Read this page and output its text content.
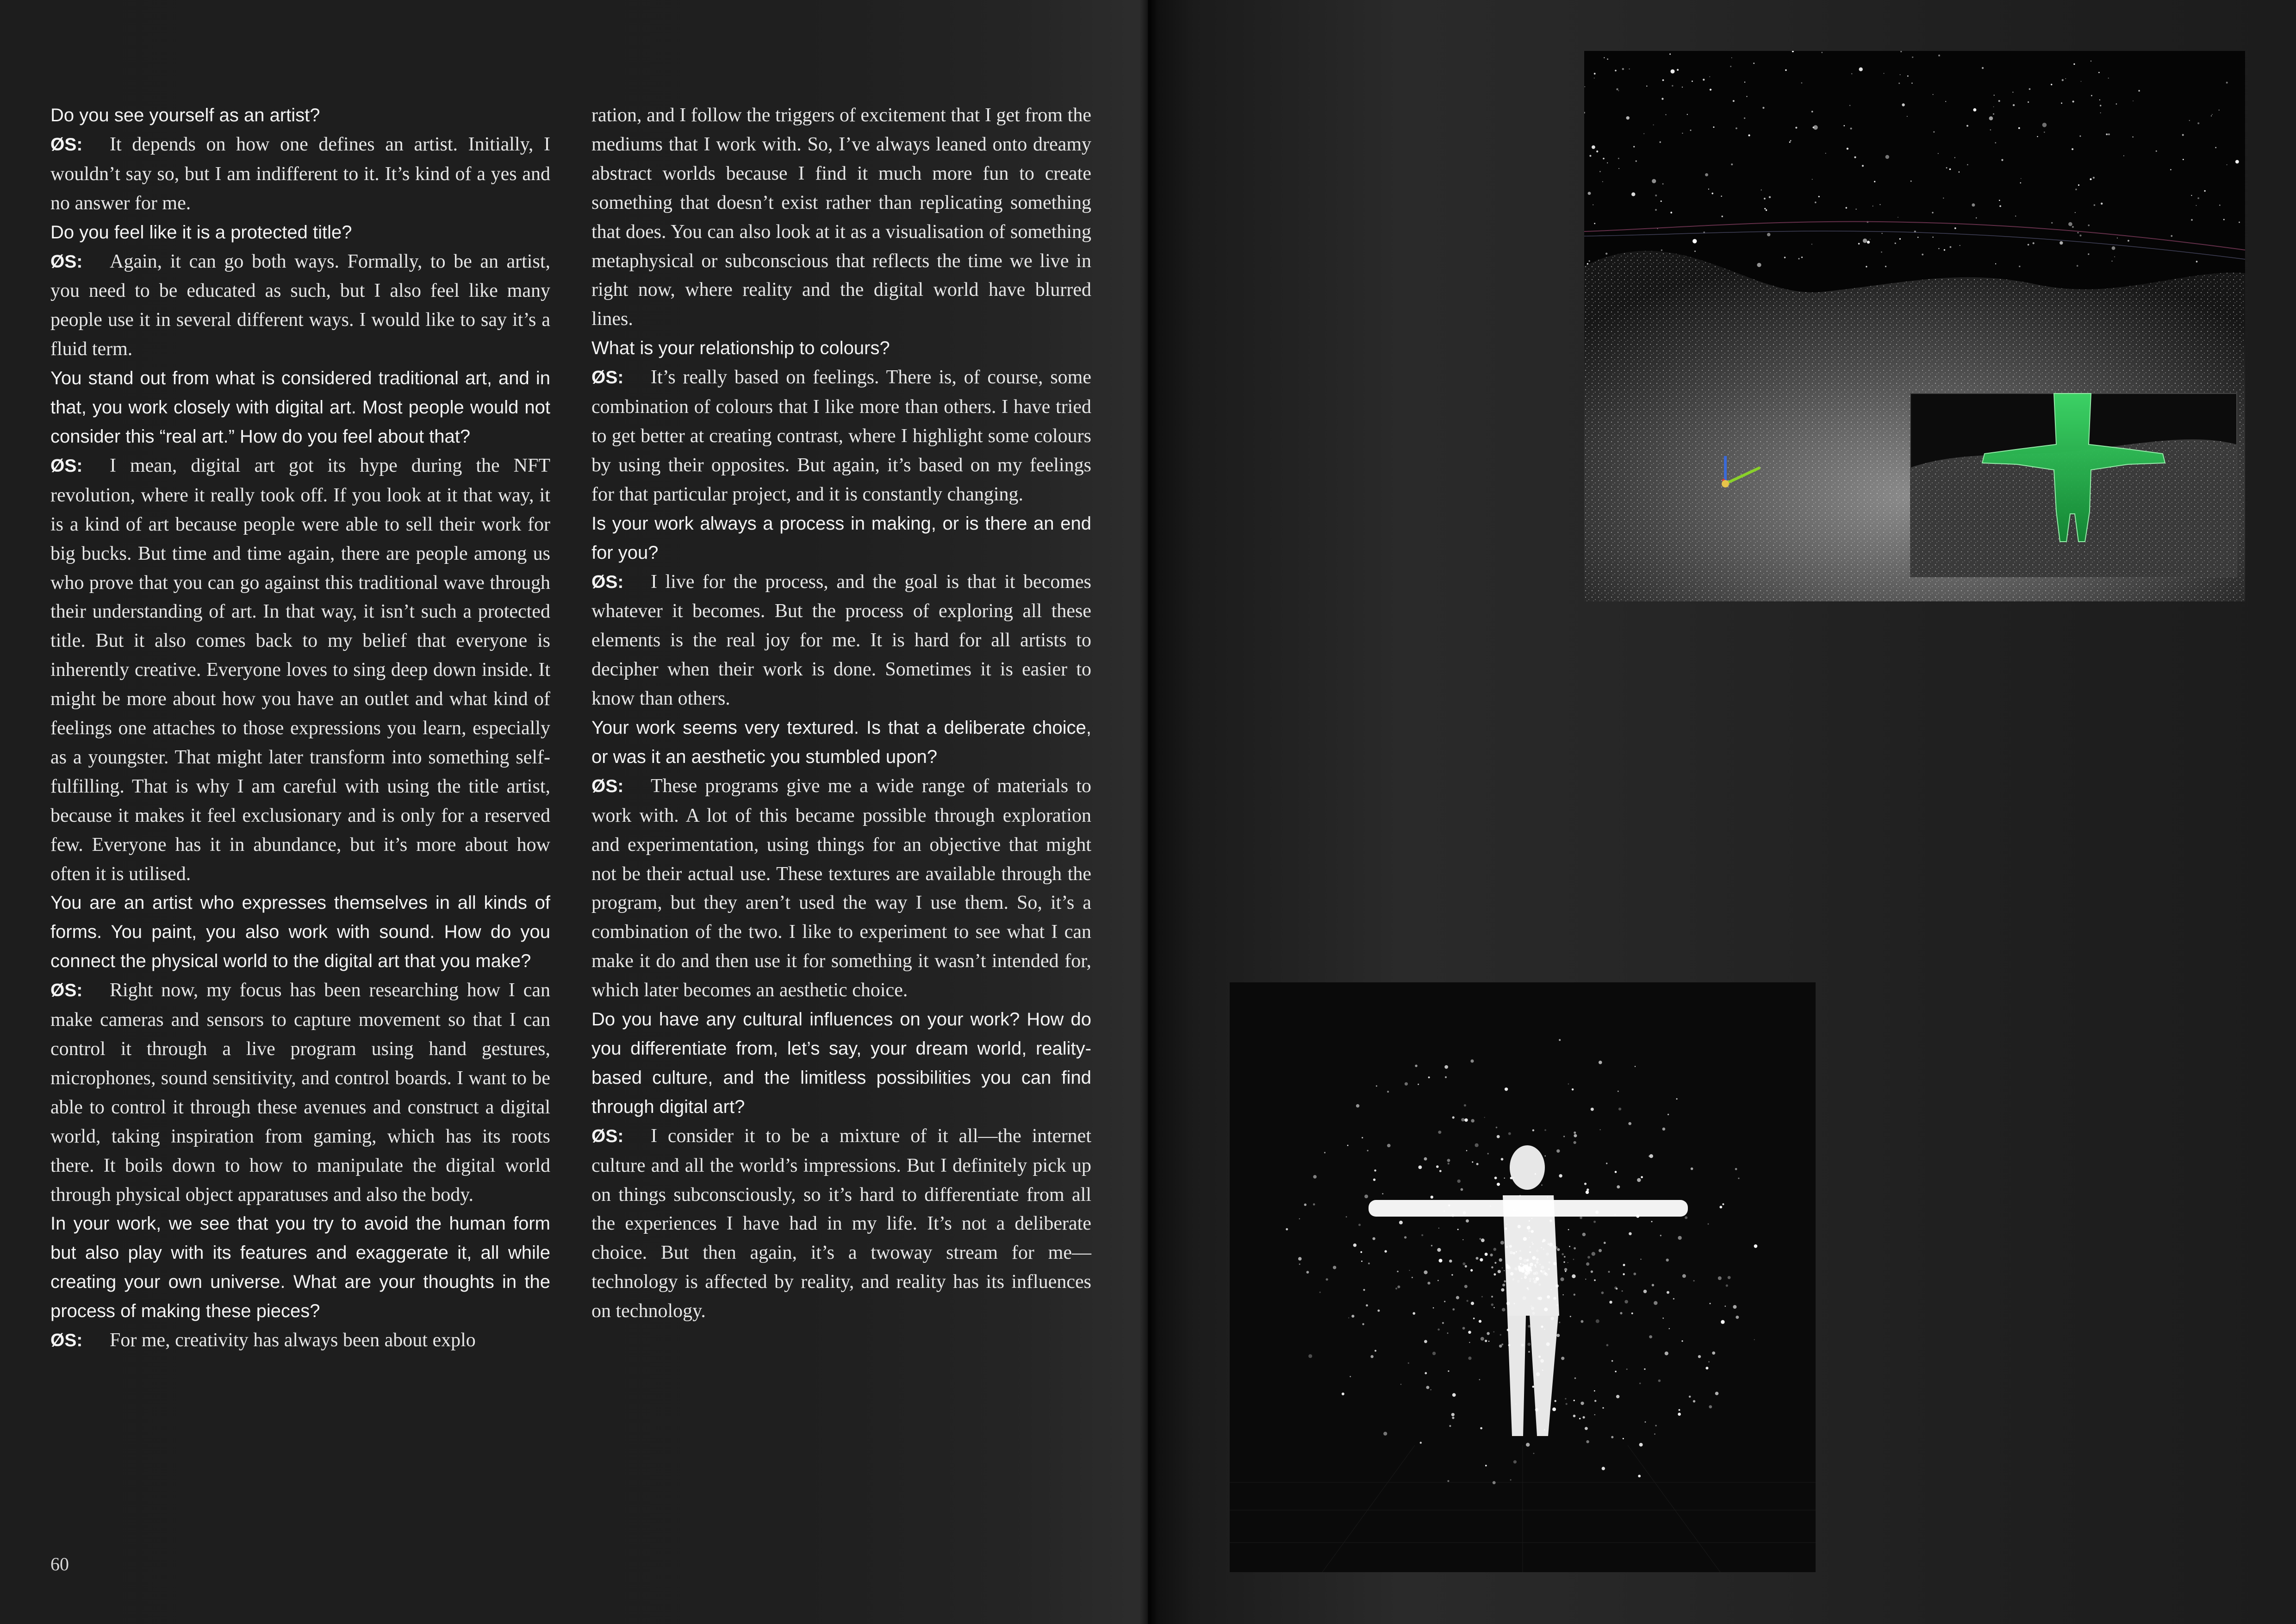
Do you see yourself as an artist?

ØS: It depends on how one defines an artist. Initially, I wouldn’t say so, but I am indifferent to it. It’s kind of a yes and no answer for me.

Do you feel like it is a protected title?

ØS: Again, it can go both ways. Formally, to be an artist, you need to be educated as such, but I also feel like many people use it in several different ways. I would like to say it’s a fluid term.

You stand out from what is considered traditional art, and in that, you work closely with digital art. Most people would not consider this “real art.” How do you feel about that?

ØS: I mean, digital art got its hype during the NFT revolution, where it really took off. If you look at it that way, it is a kind of art because people were able to sell their work for big bucks. But time and time again, there are people among us who prove that you can go against this traditional wave through their understanding of art. In that way, it isn’t such a protected title. But it also comes back to my belief that everyone is inherently creative. Everyone loves to sing deep down inside. It might be more about how you have an outlet and what kind of feelings one attaches to those expressions you learn, especially as a youngster. That might later transform into something self-fulfilling. That is why I am careful with using the title artist, because it makes it feel exclusionary and is only for a reserved few. Everyone has it in abundance, but it’s more about how often it is utilised.

You are an artist who expresses themselves in all kinds of forms. You paint, you also work with sound. How do you connect the physical world to the digital art that you make?

ØS: Right now, my focus has been researching how I can make cameras and sensors to capture movement so that I can control it through a live program using hand gestures, microphones, sound sensitivity, and control boards. I want to be able to control it through these avenues and construct a digital world, taking inspiration from gaming, which has its roots there. It boils down to how to manipulate the digital world through physical object apparatuses and also the body.

In your work, we see that you try to avoid the human form but also play with its features and exaggerate it, all while creating your own universe. What are your thoughts in the process of making these pieces?

ØS: For me, creativity has always been about explo

ration, and I follow the triggers of excitement that I get from the mediums that I work with. So, I’ve always leaned onto dreamy abstract worlds because I find it much more fun to create something that doesn’t exist rather than replicating something that does. You can also look at it as a visualisation of something metaphysical or subconscious that reflects the time we live in right now, where reality and the digital world have blurred lines.

What is your relationship to colours?

ØS: It’s really based on feelings. There is, of course, some combination of colours that I like more than others. I have tried to get better at creating contrast, where I highlight some colours by using their opposites. But again, it’s based on my feelings for that particular project, and it is constantly changing.

Is your work always a process in making, or is there an end for you?

ØS: I live for the process, and the goal is that it becomes whatever it becomes. But the process of exploring all these elements is the real joy for me. It is hard for all artists to decipher when their work is done. Sometimes it is easier to know than others.

Your work seems very textured. Is that a deliberate choice, or was it an aesthetic you stumbled upon?

ØS: These programs give me a wide range of materials to work with. A lot of this became possible through exploration and experimentation, using things for an objective that might not be their actual use. These textures are available through the program, but they aren’t used the way I use them. So, it’s a combination of the two. I like to experiment to see what I can make it do and then use it for something it wasn’t intended for, which later becomes an aesthetic choice.

Do you have any cultural influences on your work? How do you differentiate from, let’s say, your dream world, reality-based culture, and the limitless possibilities you can find through digital art?

ØS: I consider it to be a mixture of it all—the internet culture and all the world’s impressions. But I definitely pick up on things subconsciously, so it’s hard to differentiate from all the experiences I have had in my life. It’s not a deliberate choice. But then again, it’s a twoway stream for me—technology is affected by reality, and reality has its influences on technology.

60
